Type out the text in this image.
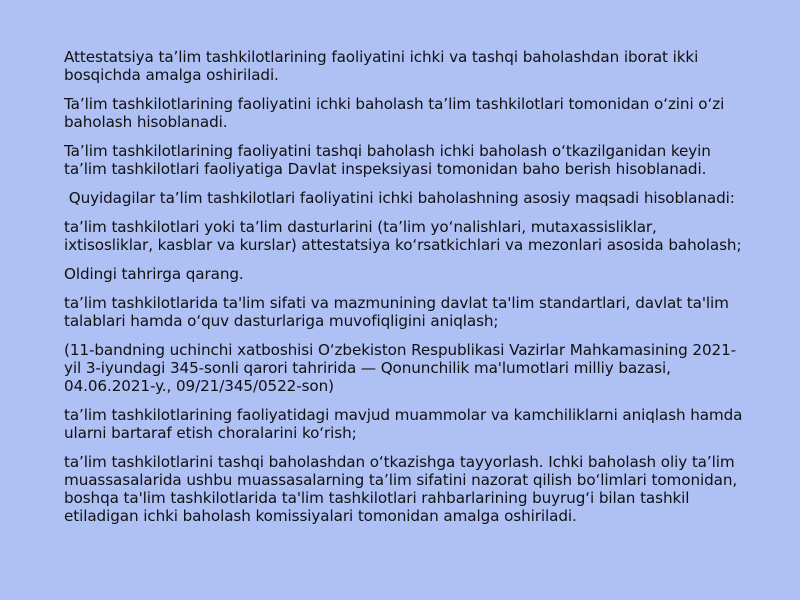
Attestatsiya ta’lim tashkilotlarining faoliyatini ichki va tashqi baholashdan iborat ikki bosqichda amalga oshiriladi.

Ta’lim tashkilotlarining faoliyatini ichki baholash ta’lim tashkilotlari tomonidan o‘zini o‘zi baholash hisoblanadi.

Ta’lim tashkilotlarining faoliyatini tashqi baholash ichki baholash o‘tkazilganidan keyin ta’lim tashkilotlari faoliyatiga Davlat inspeksiyasi tomonidan baho berish hisoblanadi.

Quyidagilar ta’lim tashkilotlari faoliyatini ichki baholashning asosiy maqsadi hisoblanadi:

ta’lim tashkilotlari yoki ta’lim dasturlarini (ta’lim yo‘nalishlari, mutaxassisliklar, ixtisosliklar, kasblar va kurslar) attestatsiya ko‘rsatkichlari va mezonlari asosida baholash;

Oldingi tahrirga qarang.

ta’lim tashkilotlarida ta'lim sifati va mazmunining davlat ta'lim standartlari, davlat ta'lim talablari hamda o‘quv dasturlariga muvofiqligini aniqlash;

(11-bandning uchinchi xatboshisi O‘zbekiston Respublikasi Vazirlar Mahkamasining 2021-yil 3-iyundagi 345-sonli qarori tahririda — Qonunchilik ma'lumotlari milliy bazasi, 04.06.2021-y., 09/21/345/0522-son)

ta’lim tashkilotlarining faoliyatidagi mavjud muammolar va kamchiliklarni aniqlash hamda ularni bartaraf etish choralarini ko‘rish;

ta’lim tashkilotlarini tashqi baholashdan o‘tkazishga tayyorlash. Ichki baholash oliy ta’lim muassasalarida ushbu muassasalarning ta’lim sifatini nazorat qilish bo‘limlari tomonidan, boshqa ta'lim tashkilotlarida ta'lim tashkilotlari rahbarlarining buyrug‘i bilan tashkil etiladigan ichki baholash komissiyalari tomonidan amalga oshiriladi.
